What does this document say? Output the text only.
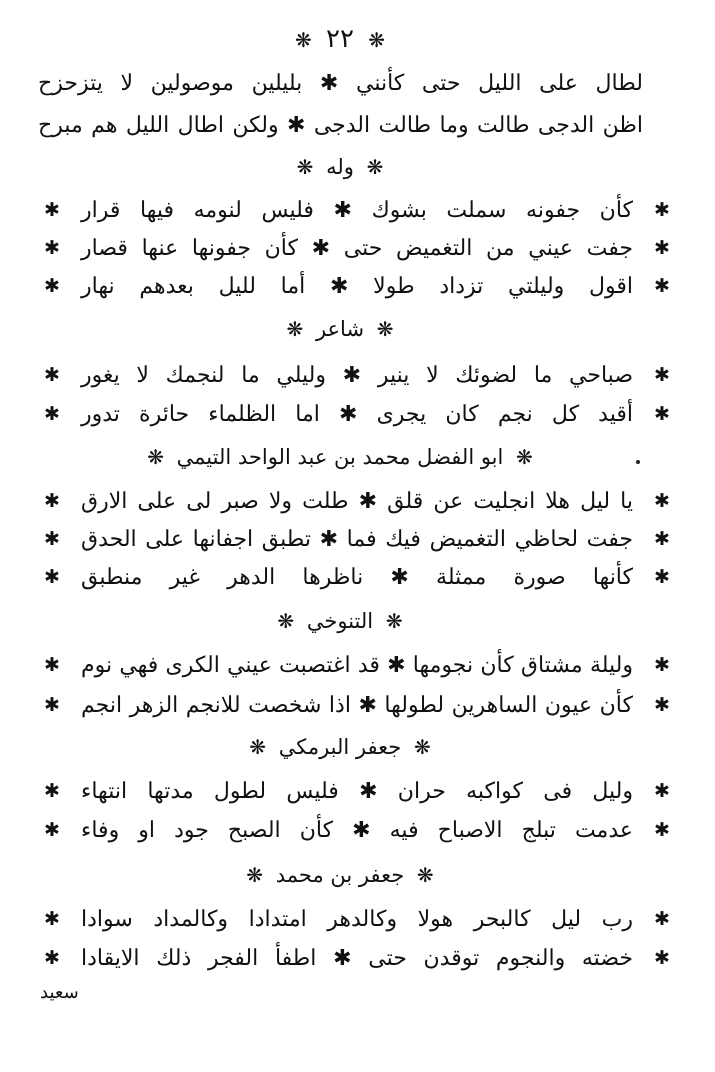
❋ ٢٢ ❋
لطال على الليل حتى كأنني ✱ بليلين موصولين لا يتزحزح
اظن الدجى طالت وما طالت الدجى ✱ ولكن اطال الليل هم مبرح
❋ وله ❋
✱
كأن جفونه سملت بشوك ✱ فليس لنومه فيها قرار
✱
✱
جفت عيني من التغميض حتى ✱ كأن جفونها عنها قصار
✱
✱
اقول وليلتي تزداد طولا ✱ أما لليل بعدهم نهار
✱
❋ شاعر ❋
✱
صباحي ما لضوئك لا ينير ✱ وليلي ما لنجمك لا يغور
✱
✱
أقيد كل نجم كان يجرى ✱ اما الظلماء حائرة تدور
✱
❋ ابو الفضل محمد بن عبد الواحد التيمي ❋
✱
يا ليل هلا انجليت عن قلق ✱ طلت ولا صبر لى على الارق
✱
✱
جفت لحاظي التغميض فيك فما ✱ تطبق اجفانها على الحدق
✱
✱
كأنها صورة ممثلة ✱ ناظرها الدهر غير منطبق
✱
❋ التنوخي ❋
✱
وليلة مشتاق كأن نجومها ✱ قد اغتصبت عيني الكرى فهي نوم
✱
✱
كأن عيون الساهرين لطولها ✱ اذا شخصت للانجم الزهر انجم
✱
❋ جعفر البرمكي ❋
✱
وليل فى كواكبه حران ✱ فليس لطول مدتها انتهاء
✱
✱
عدمت تبلج الاصباح فيه ✱ كأن الصبح جود او وفاء
✱
❋ جعفر بن محمد ❋
✱
رب ليل كالبحر هولا وكالدهر امتدادا وكالمداد سوادا
✱
✱
خضته والنجوم توقدن حتى ✱ اطفأ الفجر ذلك الايقادا
✱
سعيد
